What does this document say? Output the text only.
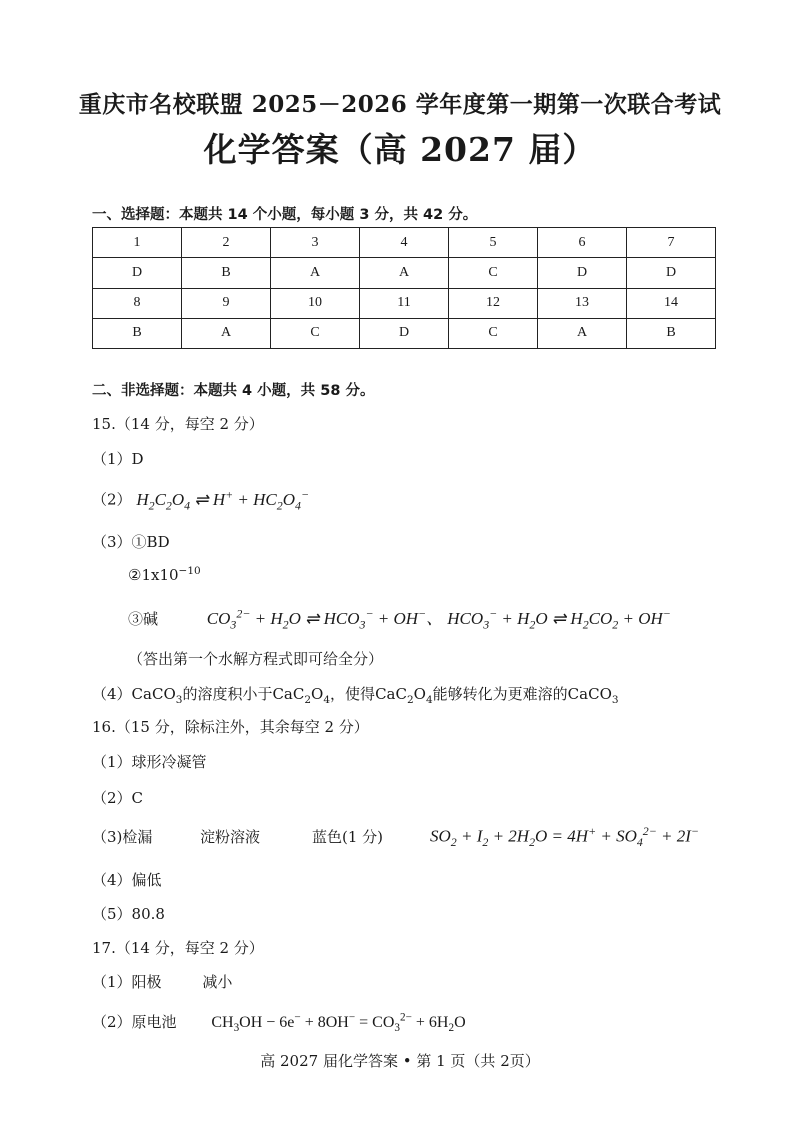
重庆市名校联盟 2025－2026 学年度第一期第一次联合考试
化学答案（高 2027 届）
一、选择题：本题共 14 个小题，每小题 3 分，共 42 分。
1	2	3	4	5	6	7
D	B	A	A	C	D	D
8	9	10	11	12	13	14
B	A	C	D	C	A	B
二、非选择题：本题共 4 小题，共 58 分。
15.（14 分，每空 2 分）
（1）D
（2） $H_2C_2O_4$ ⇌ $H^+ + HC_2O_4^-$
（3）①BD
$②1x10^{-10}$
③碱	$CO_3^{2-} + H_2O$ ⇌ $HCO_3^- + OH^-$、 $HCO_3^- + H_2O$ ⇌ $H_2CO_2 + OH^-$
（答出第一个水解方程式即可给全分）
（4）CaCO$_3$的溶度积小于$CaC_2O_4$，使得$CaC_2O_4$能够转化为更难溶的CaCO$_3$
16.（15 分，除标注外，其余每空 2 分）
（1）球形冷凝管
（2）C
（3)检漏	淀粉溶液	蓝色(1 分)	$SO_2 + I_2 + 2H_2O = 4H^+ + SO_4^{2-} + 2I^-$
（4）偏低
（5）80.8
17.（14 分，每空 2 分）
（1）阳极	减小
（2）原电池 $CH_3OH - 6e^- + 8OH^- = CO_3^{2-} + 6H_2O$
高 2027 届化学答案 • 第 1 页（共 2页）
